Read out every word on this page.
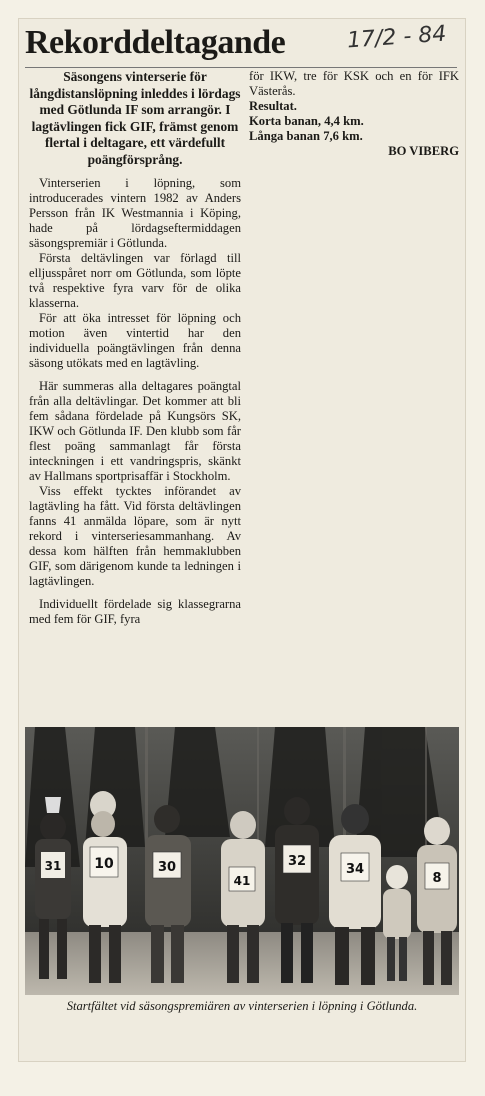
Rekorddeltagande	17/2 - 84

Säsongens vinterserie för långdistanslöpning inleddes i lördags med Götlunda IF som arrangör. I lagtävlingen fick GIF, främst genom flertal i deltagare, ett värdefullt poängförsprång.

Vinterserien i löpning, som introducerades vintern 1982 av Anders Persson från IK Westmannia i Köping, hade på lördagseftermiddagen säsongspremiär i Götlunda.

Första deltävlingen var förlagd till elljusspåret norr om Götlunda, som löpte två respektive fyra varv för de olika klasserna.

För att öka intresset för löpning och motion även vintertid har den individuella poängtävlingen från denna säsong utökats med en lagtävling.

Här summeras alla deltagares poängtal från alla deltävlingar. Det kommer att bli fem sådana fördelade på Kungsörs SK, IKW och Götlunda IF. Den klubb som får flest poäng sammanlagt får första inteckningen i ett vandringspris, skänkt av Hallmans sportprisaffär i Stockholm.

Viss effekt tycktes införandet av lagtävling ha fått. Vid första deltävlingen fanns 41 anmälda löpare, som är nytt rekord i vinterseriesammanhang. Av dessa kom hälften från hemmaklubben GIF, som därigenom kunde ta ledningen i lagtävlingen.

Individuellt fördelade sig klassegrarna med fem för GIF, fyra

för IKW, tre för KSK och en för IFK Västerås.

Resultat.

Korta banan, 4,4 km.

Långa banan 7,6 km.

BO VIBERG

31 10	30
41
32
34
8
Startfältet vid säsongspremiären av vinterserien i löpning i Götlunda.
